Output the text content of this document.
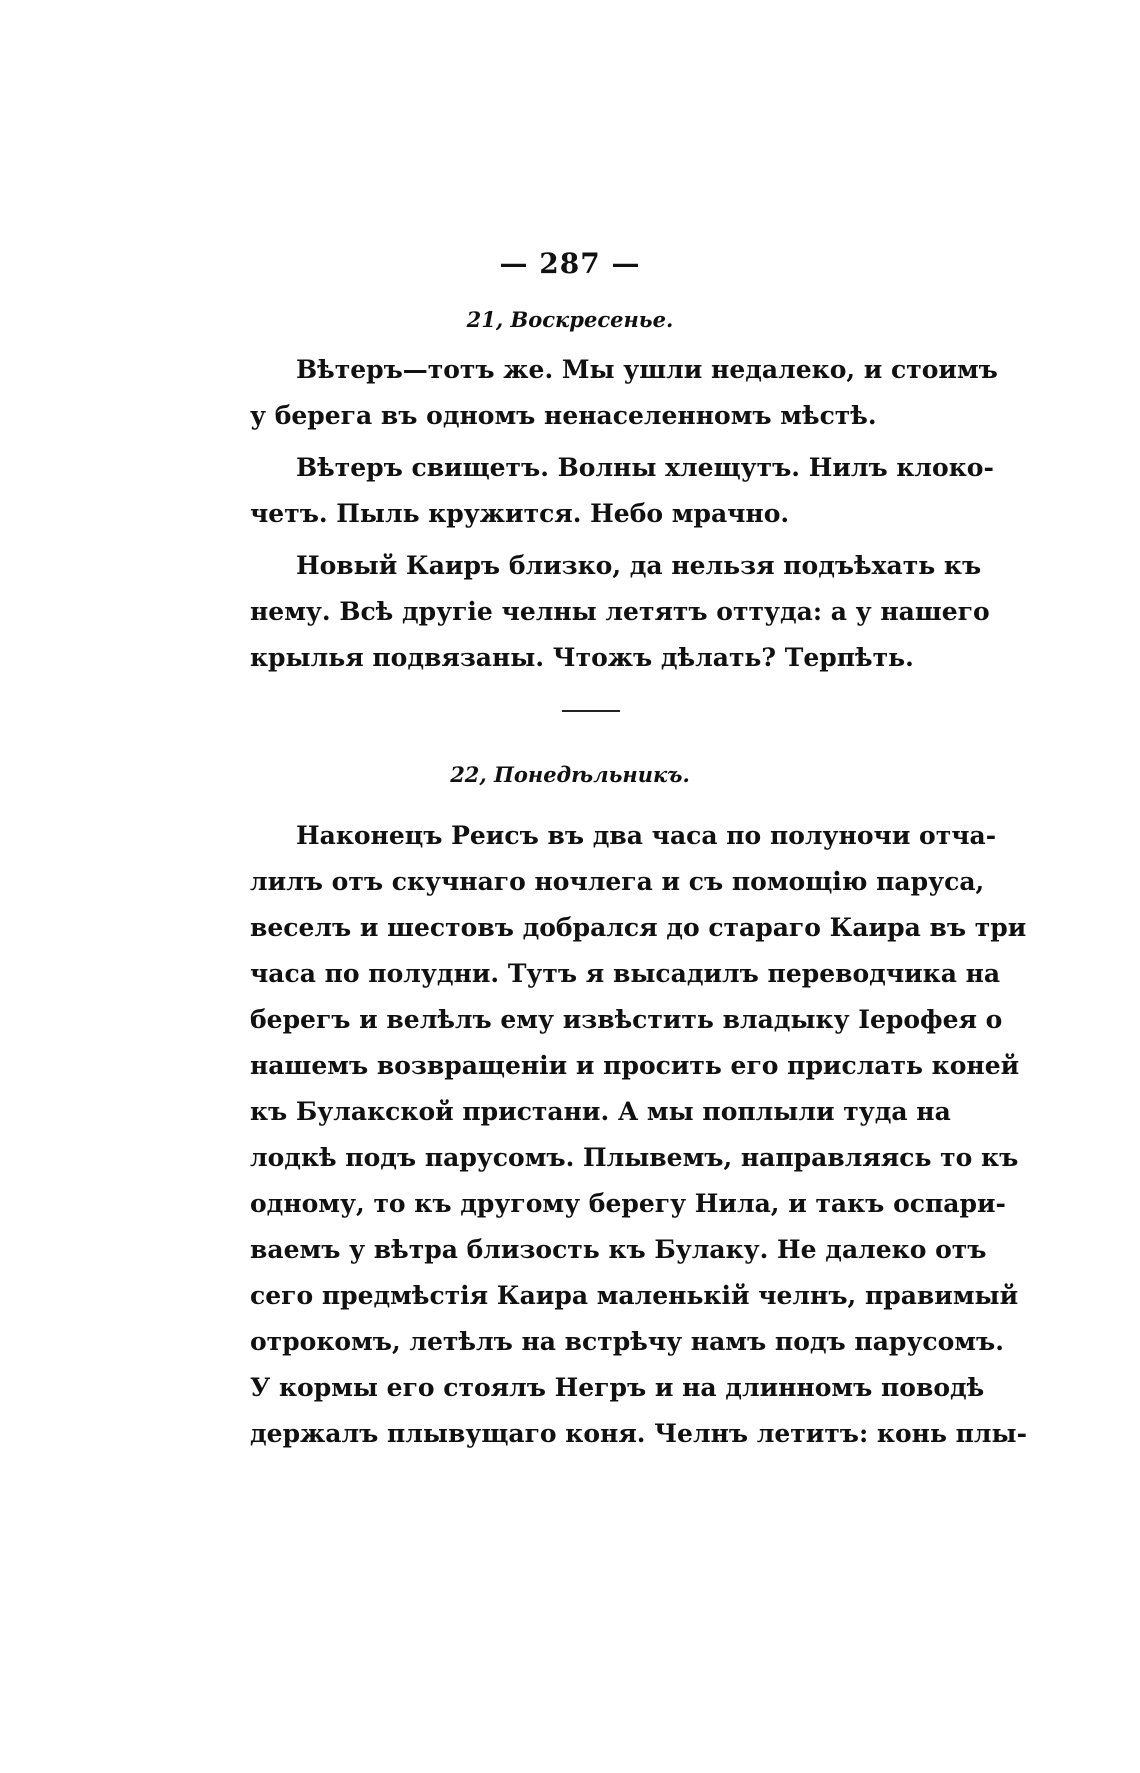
— 287 —
21, Воскресенье.
Вѣтеръ—тотъ же. Мы ушли недалеко, и стоимъ
у берега въ одномъ ненаселенномъ мѣстѣ.
Вѣтеръ свищетъ. Волны хлещутъ. Нилъ клоко-
четъ. Пыль кружится. Небо мрачно.
Новый Каиръ близко, да нельзя подъѣхать къ
нему. Всѣ другіе челны летятъ оттуда: а у нашего
крылья подвязаны. Чтожъ дѣлать? Терпѣть.
22, Понедѣльникъ.
Наконецъ Реисъ въ два часа по полуночи отча-
лилъ отъ скучнаго ночлега и съ помощію паруса,
веселъ и шестовъ добрался до стараго Каира въ три
часа по полудни. Тутъ я высадилъ переводчика на
берегъ и велѣлъ ему извѣстить владыку Іерофея о
нашемъ возвращеніи и просить его прислать коней
къ Булакской пристани. А мы поплыли туда на
лодкѣ подъ парусомъ. Плывемъ, направляясь то къ
одному, то къ другому берегу Нила, и такъ оспари-
ваемъ у вѣтра близость къ Булаку. Не далеко отъ
сего предмѣстія Каира маленькій челнъ, правимый
отрокомъ, летѣлъ на встрѣчу намъ подъ парусомъ.
У кормы его стоялъ Негръ и на длинномъ поводѣ
держалъ плывущаго коня. Челнъ летитъ: конь плы-
